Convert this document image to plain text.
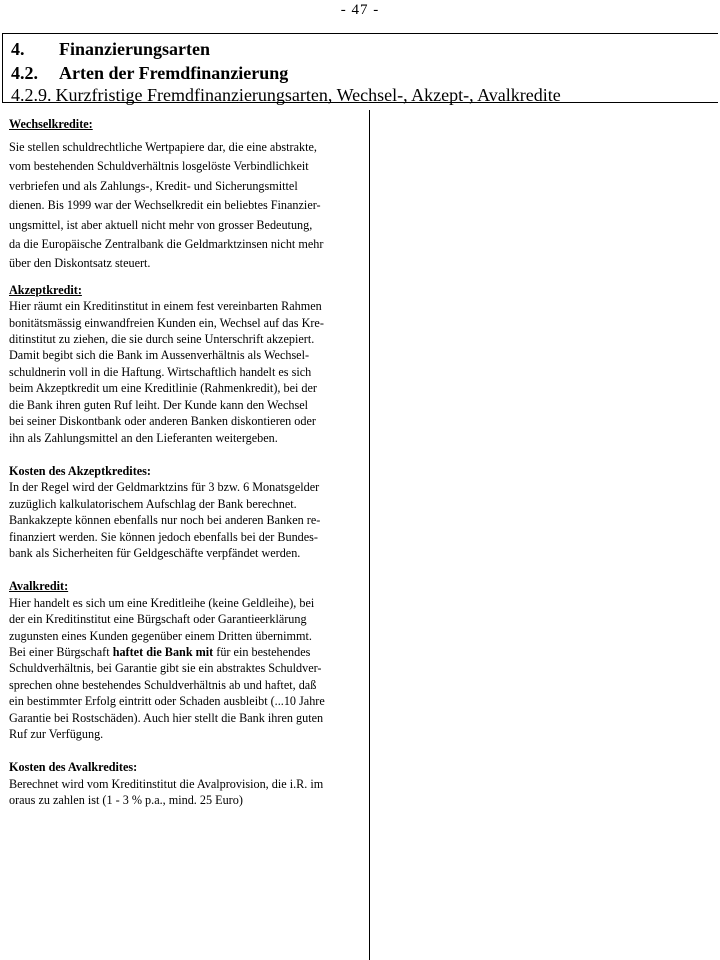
- 47 -
4. Finanzierungsarten
4.2. Arten der Fremdfinanzierung
4.2.9. Kurzfristige Fremdfinanzierungsarten, Wechsel-, Akzept-, Avalkredite
Wechselkredite:

Sie stellen schuldrechtliche Wertpapiere dar, die eine abstrakte,

vom bestehenden Schuldverhältnis losgelöste Verbindlichkeit

verbriefen und als Zahlungs-, Kredit- und Sicherungsmittel

dienen. Bis 1999 war der Wechselkredit ein beliebtes Finanzier-

ungsmittel, ist aber aktuell nicht mehr von grosser Bedeutung,

da die Europäische Zentralbank die Geldmarktzinsen nicht mehr

über den Diskontsatz steuert.

Akzeptkredit:

Hier räumt ein Kreditinstitut in einem fest vereinbarten Rahmen

bonitätsmässig einwandfreien Kunden ein, Wechsel auf das Kre-

ditinstitut zu ziehen, die sie durch seine Unterschrift akzepiert.

Damit begibt sich die Bank im Aussenverhältnis als Wechsel-

schuldnerin voll in die Haftung. Wirtschaftlich handelt es sich

beim Akzeptkredit um eine Kreditlinie (Rahmenkredit), bei der

die Bank ihren guten Ruf leiht. Der Kunde kann den Wechsel

bei seiner Diskontbank oder anderen Banken diskontieren oder

ihn als Zahlungsmittel an den Lieferanten weitergeben.

Kosten des Akzeptkredites:

In der Regel wird der Geldmarktzins für 3 bzw. 6 Monatsgelder

zuzüglich kalkulatorischem Aufschlag der Bank berechnet.

Bankakzepte können ebenfalls nur noch bei anderen Banken re-

finanziert werden. Sie können jedoch ebenfalls bei der Bundes-

bank als Sicherheiten für Geldgeschäfte verpfändet werden.

Avalkredit:

Hier handelt es sich um eine Kreditleihe (keine Geldleihe), bei

der ein Kreditinstitut eine Bürgschaft oder Garantieerklärung

zugunsten eines Kunden gegenüber einem Dritten übernimmt.

Bei einer Bürgschaft haftet die Bank mit für ein bestehendes

Schuldverhältnis, bei Garantie gibt sie ein abstraktes Schuldver-

sprechen ohne bestehendes Schuldverhältnis ab und haftet, daß

ein bestimmter Erfolg eintritt oder Schaden ausbleibt (...10 Jahre

Garantie bei Rostschäden). Auch hier stellt die Bank ihren guten

Ruf zur Verfügung.

Kosten des Avalkredites:

Berechnet wird vom Kreditinstitut die Avalprovision, die i.R. im

oraus zu zahlen ist (1 - 3 % p.a., mind. 25 Euro)
